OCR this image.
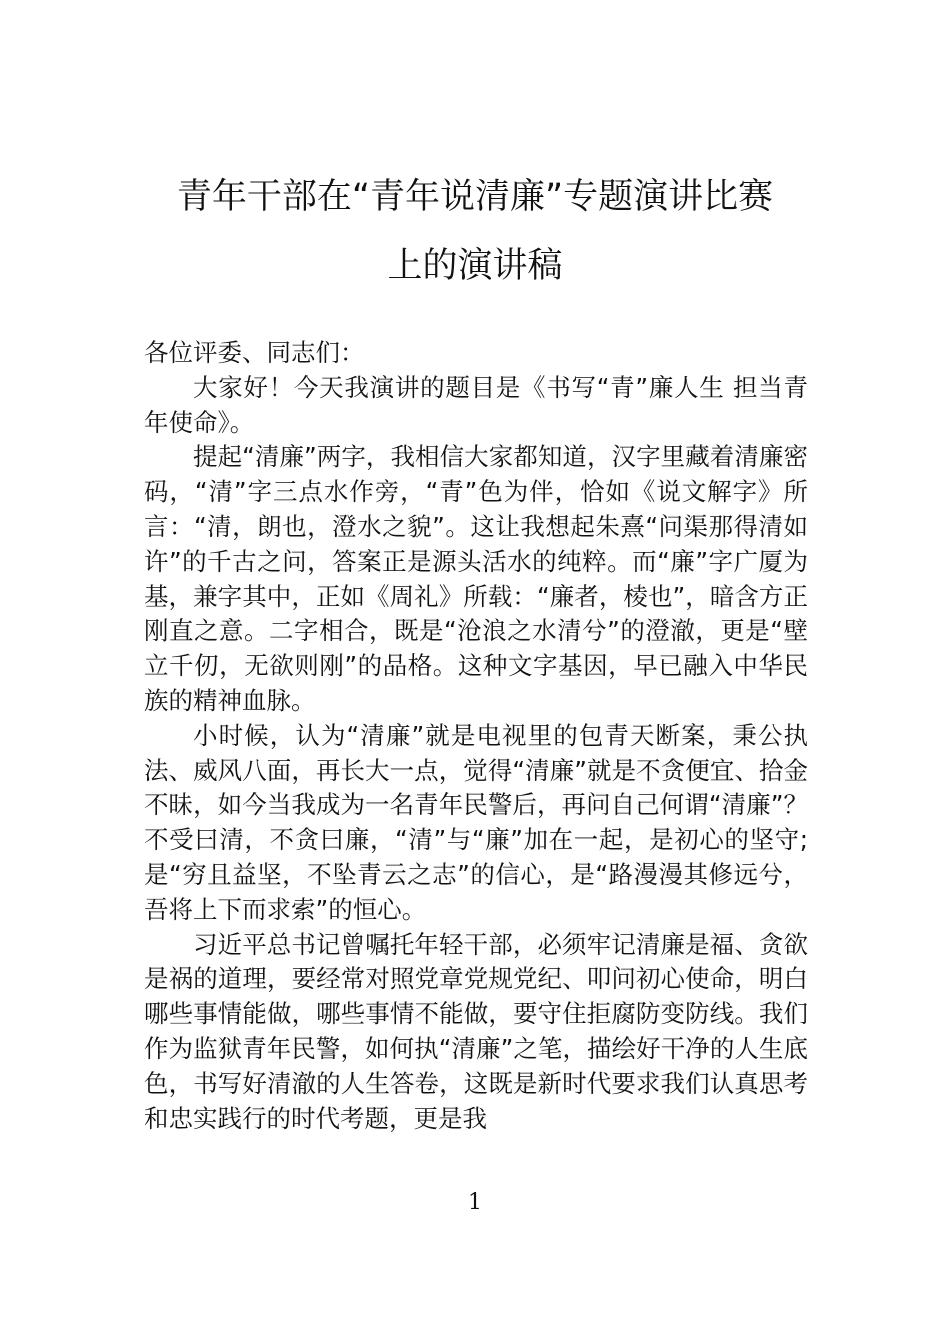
青年干部在“青年说清廉”专题演讲比赛
上的演讲稿

各位评委、同志们：

大家好！今天我演讲的题目是《书写“青”廉人生 担当青年使命》。

提起“清廉”两字，我相信大家都知道，汉字里藏着清廉密码，“清”字三点水作旁，“青”色为伴，恰如《说文解字》所言：“清，朗也，澄水之貌”。这让我想起朱熹“问渠那得清如许”的千古之问，答案正是源头活水的纯粹。而“廉”字广厦为基，兼字其中，正如《周礼》所载：“廉者，棱也”，暗含方正刚直之意。二字相合，既是“沧浪之水清兮”的澄澈，更是“壁立千仞，无欲则刚”的品格。这种文字基因，早已融入中华民族的精神血脉。

小时候，认为“清廉”就是电视里的包青天断案，秉公执法、威风八面，再长大一点，觉得“清廉”就是不贪便宜、拾金不昧，如今当我成为一名青年民警后，再问自己何谓“清廉”？不受曰清，不贪曰廉，“清”与“廉”加在一起，是初心的坚守;是“穷且益坚，不坠青云之志”的信心，是“路漫漫其修远兮，吾将上下而求索”的恒心。

习近平总书记曾嘱托年轻干部，必须牢记清廉是福、贪欲是祸的道理，要经常对照党章党规党纪、叩问初心使命，明白哪些事情能做，哪些事情不能做，要守住拒腐防变防线。我们作为监狱青年民警，如何执“清廉”之笔，描绘好干净的人生底色，书写好清澈的人生答卷，这既是新时代要求我们认真思考和忠实践行的时代考题，更是我

1
